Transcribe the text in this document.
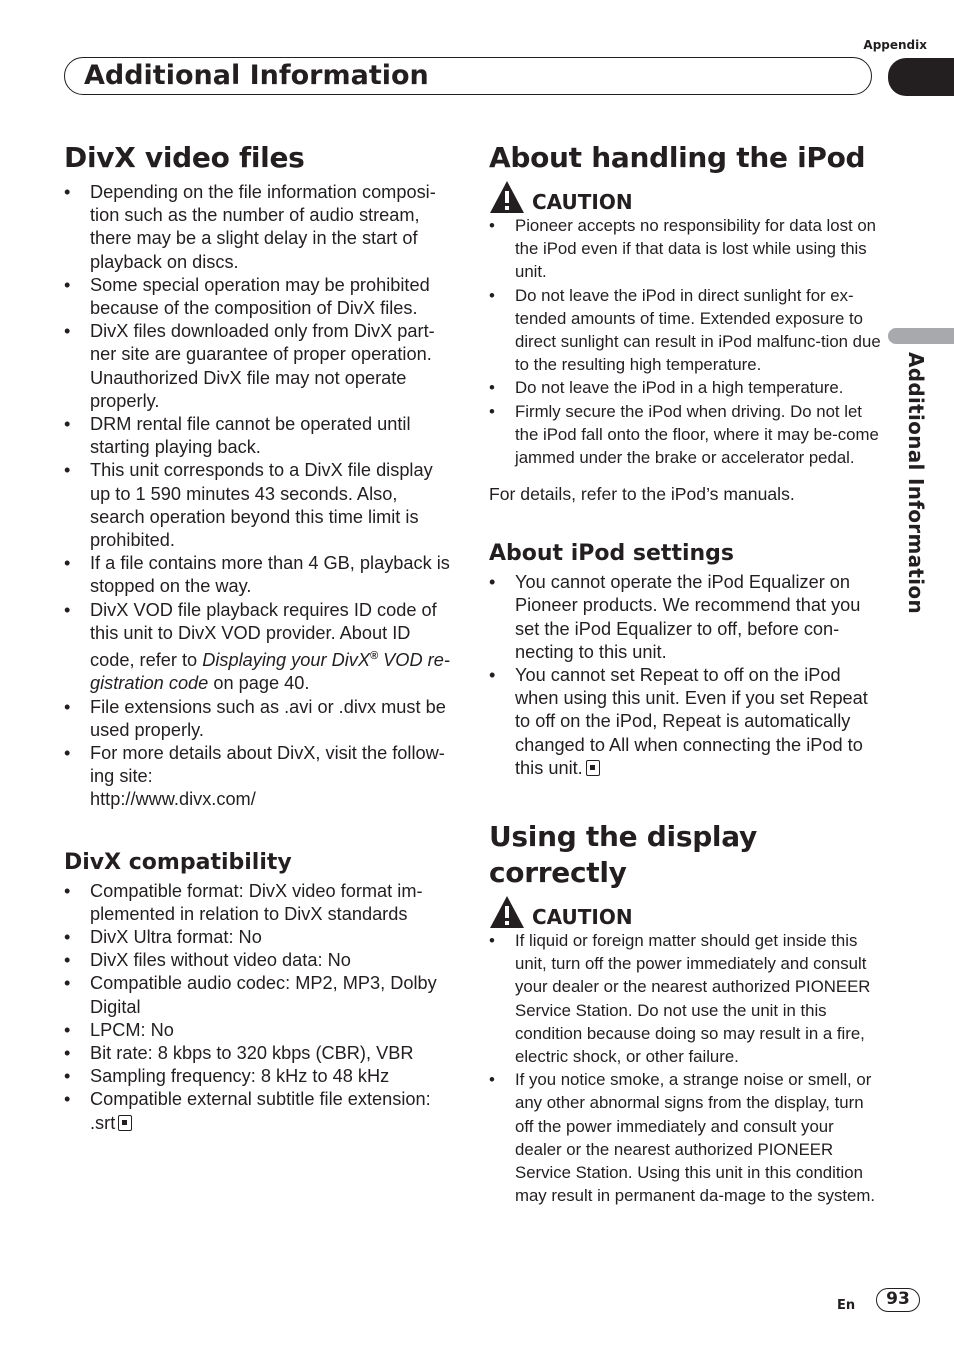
Appendix
Additional Information
Additional Information
DivX video files
• Depending on the file information composi-tion such as the number of audio stream, there may be a slight delay in the start of playback on discs.
• Some special operation may be prohibited because of the composition of DivX files.
• DivX files downloaded only from DivX part-ner site are guarantee of proper operation. Unauthorized DivX file may not operate properly.
• DRM rental file cannot be operated until starting playing back.
• This unit corresponds to a DivX file display up to 1 590 minutes 43 seconds. Also, search operation beyond this time limit is prohibited.
• If a file contains more than 4 GB, playback is stopped on the way.
• DivX VOD file playback requires ID code of this unit to DivX VOD provider. About ID code, refer to Displaying your DivX® VOD re-gistration code on page 40.
• File extensions such as .avi or .divx must be used properly.
• For more details about DivX, visit the follow-ing site:
http://www.divx.com/
DivX compatibility
• Compatible format: DivX video format im-plemented in relation to DivX standards
• DivX Ultra format: No
• DivX files without video data: No
• Compatible audio codec: MP2, MP3, Dolby Digital
• LPCM: No
• Bit rate: 8 kbps to 320 kbps (CBR), VBR
• Sampling frequency: 8 kHz to 48 kHz
• Compatible external subtitle file extension: .srt
About handling the iPod
CAUTION
• Pioneer accepts no responsibility for data lost on the iPod even if that data is lost while using this unit.
• Do not leave the iPod in direct sunlight for ex-tended amounts of time. Extended exposure to direct sunlight can result in iPod malfunc-tion due to the resulting high temperature.
• Do not leave the iPod in a high temperature.
• Firmly secure the iPod when driving. Do not let the iPod fall onto the floor, where it may be-come jammed under the brake or accelerator pedal.
For details, refer to the iPod’s manuals.
About iPod settings
• You cannot operate the iPod Equalizer on Pioneer products. We recommend that you set the iPod Equalizer to off, before con-necting to this unit.
• You cannot set Repeat to off on the iPod when using this unit. Even if you set Repeat to off on the iPod, Repeat is automatically changed to All when connecting the iPod to this unit.
Using the display correctly
CAUTION
• If liquid or foreign matter should get inside this unit, turn off the power immediately and consult your dealer or the nearest authorized PIONEER Service Station. Do not use the unit in this condition because doing so may result in a fire, electric shock, or other failure.
• If you notice smoke, a strange noise or smell, or any other abnormal signs from the display, turn off the power immediately and consult your dealer or the nearest authorized PIONEER Service Station. Using this unit in this condition may result in permanent da-mage to the system.
En	93
